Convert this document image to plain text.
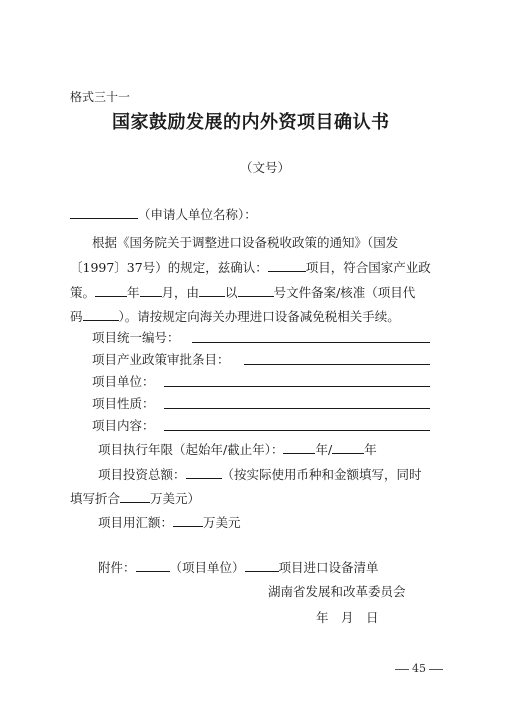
格式三十一
国家鼓励发展的内外资项目确认书
（文号）
（申请人单位名称）：
根据《国务院关于调整进口设备税收政策的通知》（国发
〔1997〕37号）的规定，兹确认：	项目，符合国家产业政
策。	年 月，由 以	号文件备案/核准（项目代
码	）。请按规定向海关办理进口设备减免税相关手续。
项目统一编号：
项目产业政策审批条目：
项目单位：
项目性质：
项目内容：
项目执行年限（起始年/截止年）：	年/	年
项目投资总额：	（按实际使用币种和金额填写，同时
填写折合 万美元）
项目用汇额： 万美元
附件：	（项目单位）	项目进口设备清单
湖南省发展和改革委员会
年　月　日
45
